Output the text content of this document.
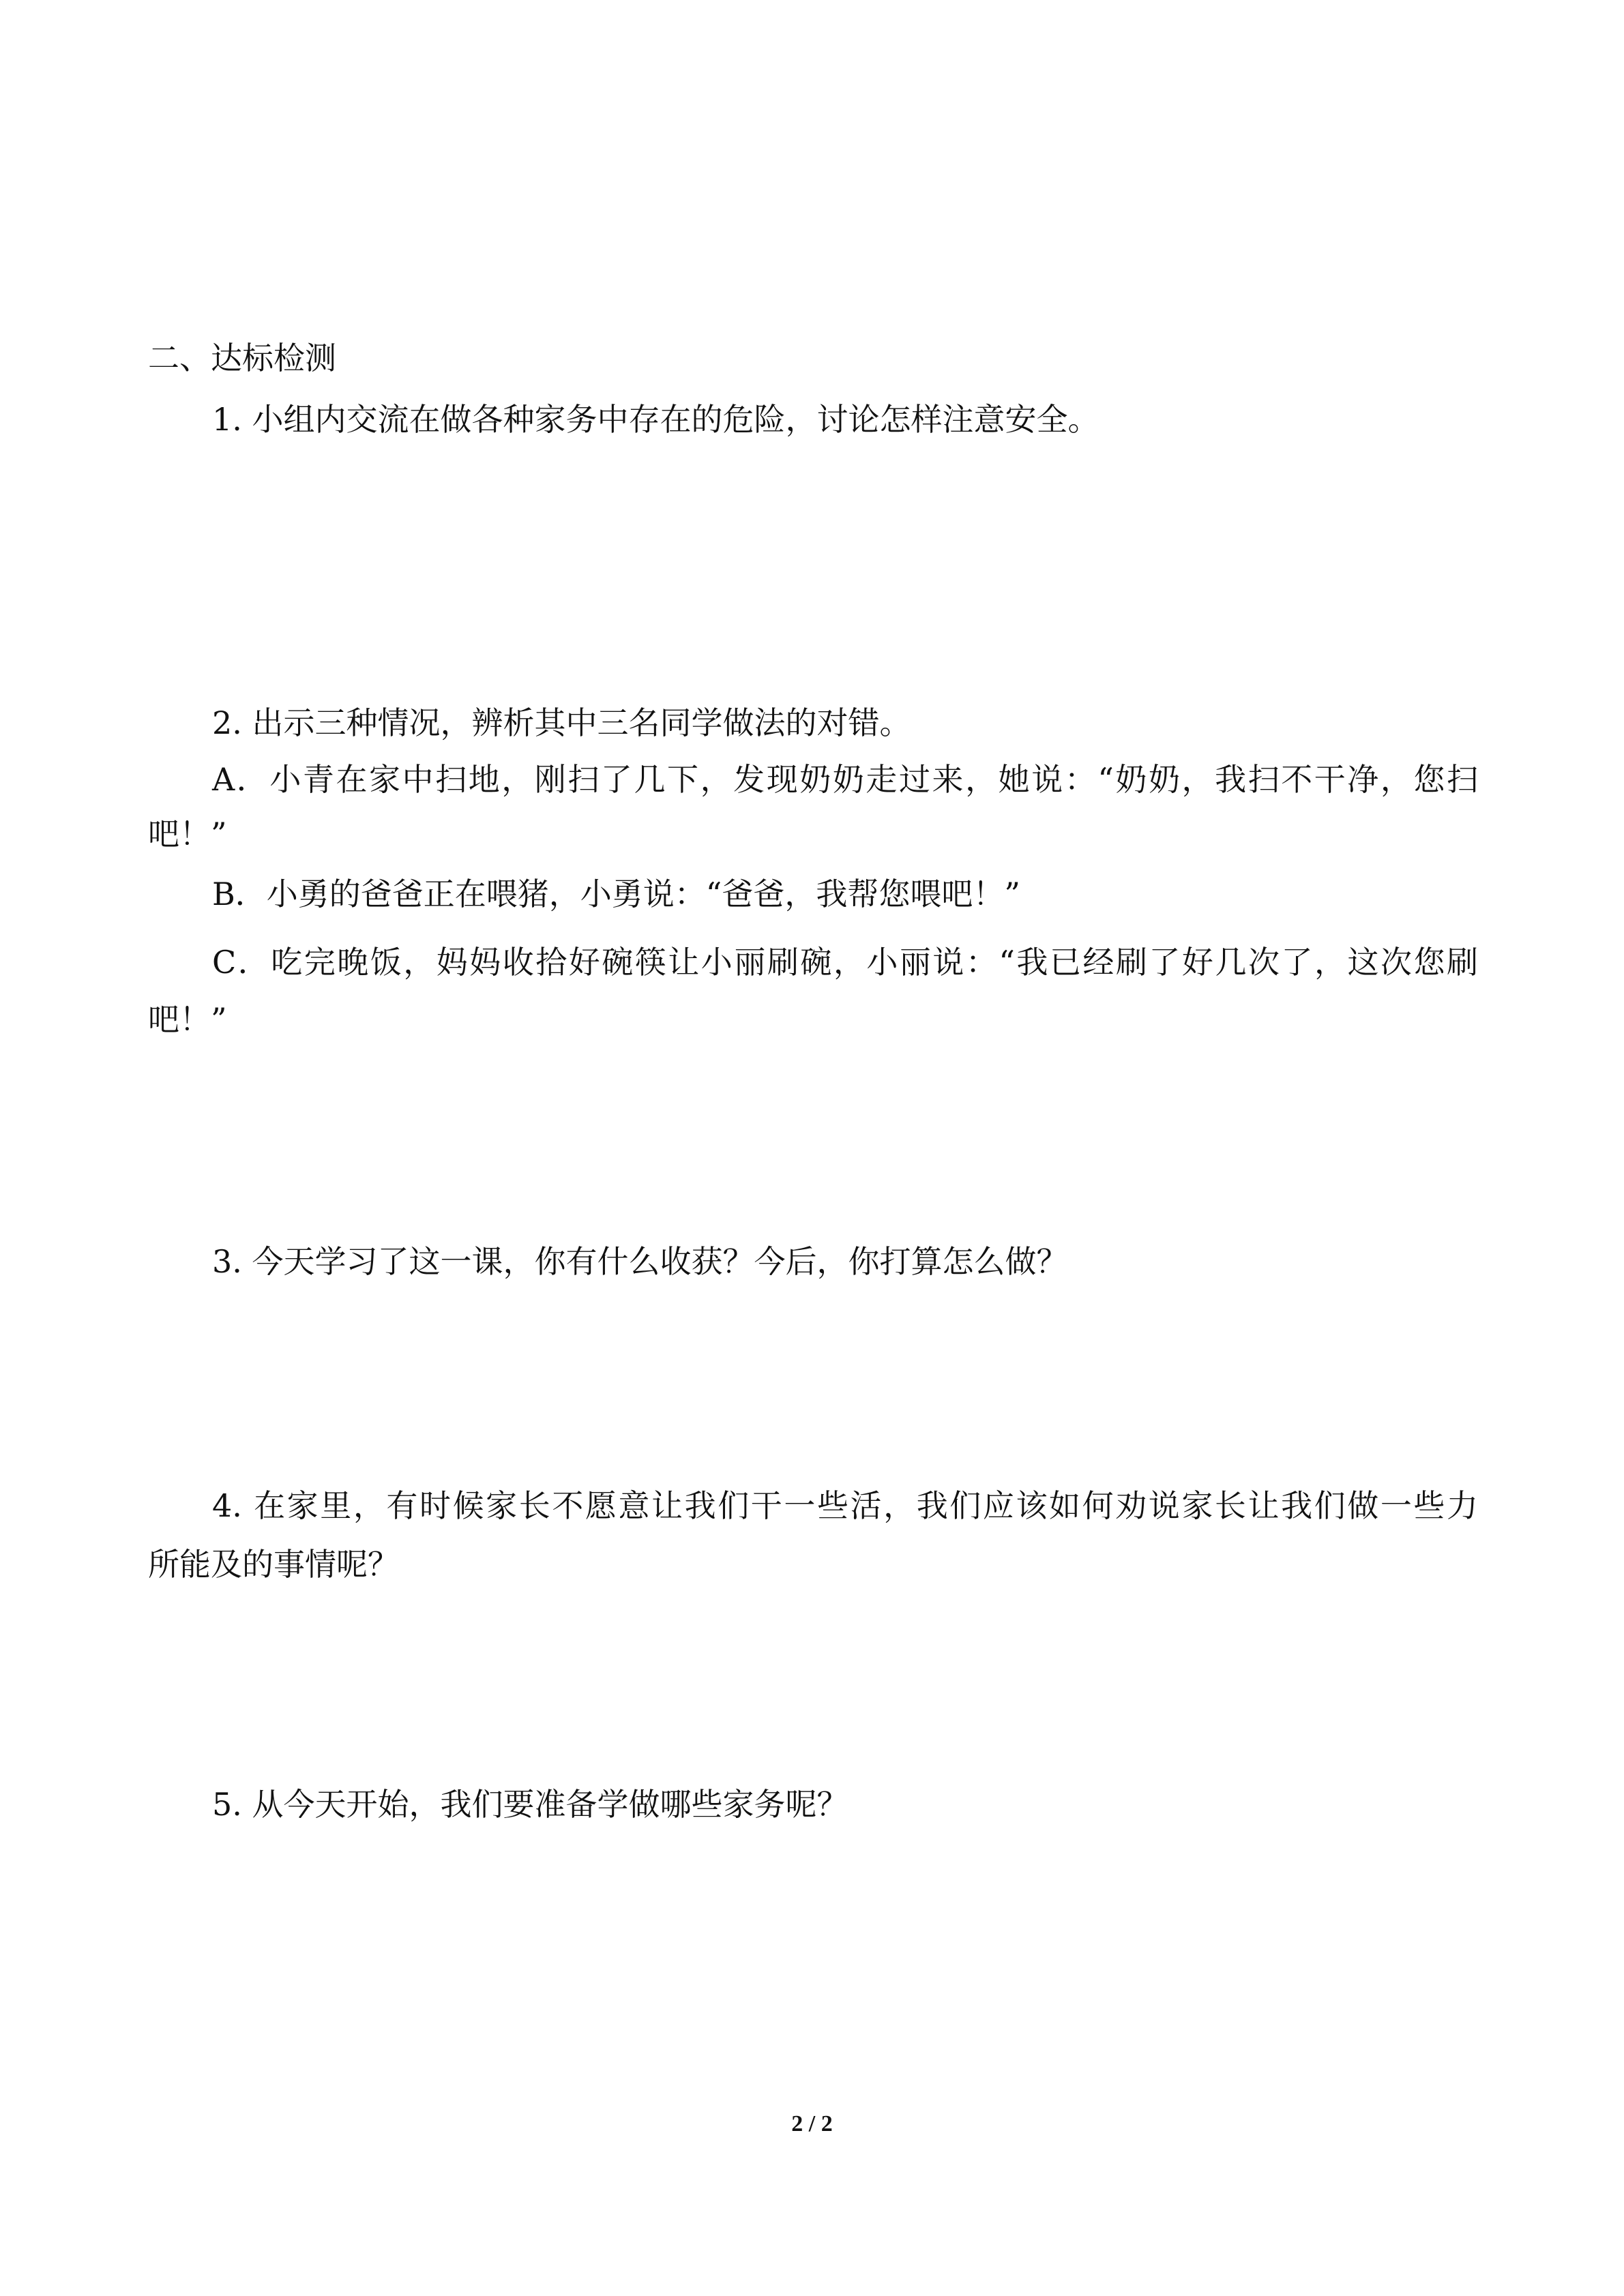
二、达标检测
1. 小组内交流在做各种家务中存在的危险，讨论怎样注意安全。
2. 出示三种情况，辨析其中三名同学做法的对错。
A．小青在家中扫地，刚扫了几下，发现奶奶走过来，她说：“奶奶，我扫不干净，您扫
吧！”
B．小勇的爸爸正在喂猪，小勇说：“爸爸，我帮您喂吧！”
C．吃完晚饭，妈妈收拾好碗筷让小丽刷碗，小丽说：“我已经刷了好几次了，这次您刷
吧！”
3. 今天学习了这一课，你有什么收获？今后，你打算怎么做？
4. 在家里，有时候家长不愿意让我们干一些活，我们应该如何劝说家长让我们做一些力
所能及的事情呢？
5. 从今天开始，我们要准备学做哪些家务呢？
2 / 2
